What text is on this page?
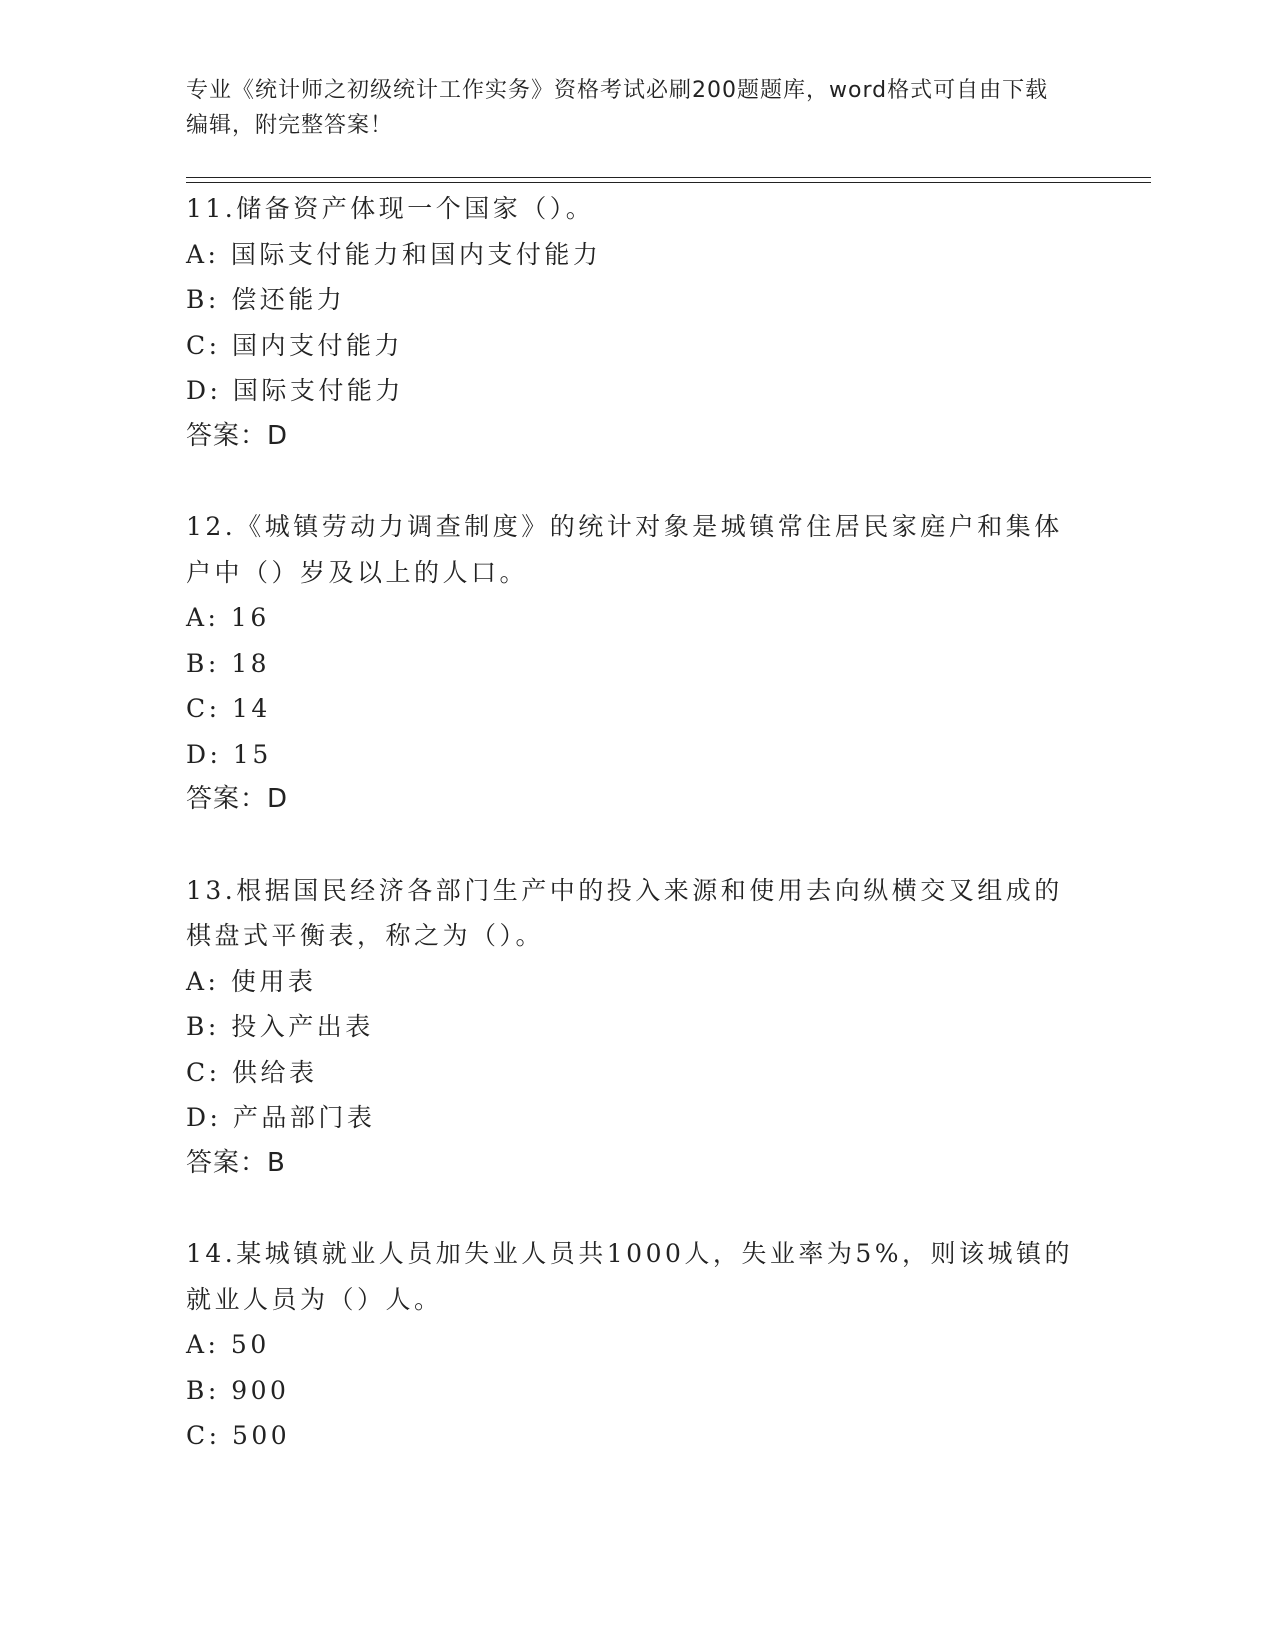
专业《统计师之初级统计工作实务》资格考试必刷200题题库，word格式可自由下载编辑，附完整答案！
11.储备资产体现一个国家（）。
A: 国际支付能力和国内支付能力
B: 偿还能力
C: 国内支付能力
D: 国际支付能力
答案：D
12.《城镇劳动力调查制度》的统计对象是城镇常住居民家庭户和集体户中（）岁及以上的人口。
A: 16
B: 18
C: 14
D: 15
答案：D
13.根据国民经济各部门生产中的投入来源和使用去向纵横交叉组成的棋盘式平衡表，称之为（）。
A: 使用表
B: 投入产出表
C: 供给表
D: 产品部门表
答案：B
14.某城镇就业人员加失业人员共1000人，失业率为5%，则该城镇的就业人员为（）人。
A: 50
B: 900
C: 500
